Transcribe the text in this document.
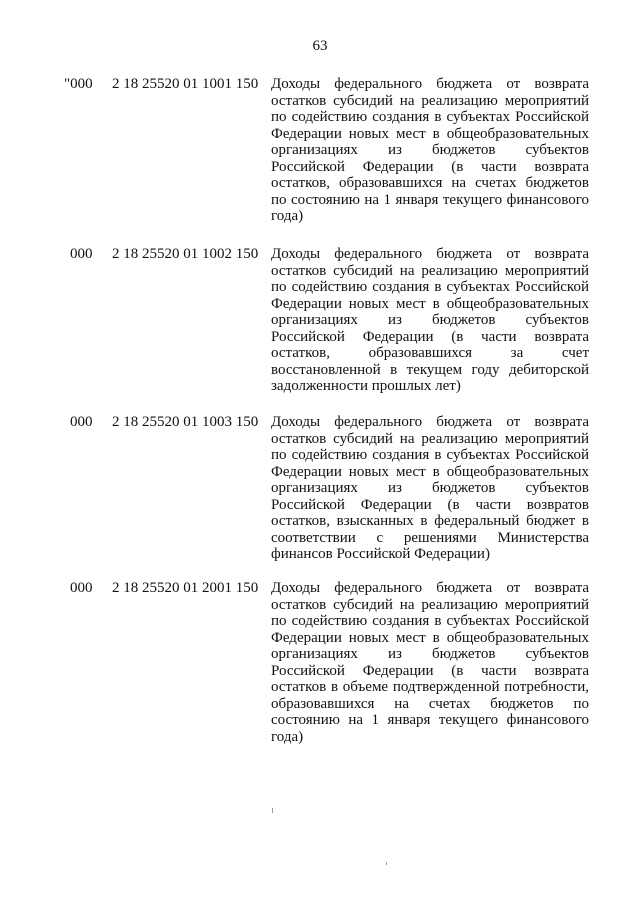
63
"000 2 18 25520 01 1001 150 Доходы федерального бюджета от возврата
остатков субсидий на реализацию мероприятий
по содействию создания в субъектах Российской
Федерации новых мест в общеобразовательных
организациях из бюджетов субъектов
Российской Федерации (в части возврата
остатков, образовавшихся на счетах бюджетов
по состоянию на 1 января текущего финансового
года)
000 2 18 25520 01 1002 150 Доходы федерального бюджета от возврата
остатков субсидий на реализацию мероприятий
по содействию создания в субъектах Российской
Федерации новых мест в общеобразовательных
организациях из бюджетов субъектов
Российской Федерации (в части возврата
остатков, образовавшихся за счет
восстановленной в текущем году дебиторской
задолженности прошлых лет)
000 2 18 25520 01 1003 150 Доходы федерального бюджета от возврата
остатков субсидий на реализацию мероприятий
по содействию создания в субъектах Российской
Федерации новых мест в общеобразовательных
организациях из бюджетов субъектов
Российской Федерации (в части возвратов
остатков, взысканных в федеральный бюджет в
соответствии с решениями Министерства
финансов Российской Федерации)
000 2 18 25520 01 2001 150 Доходы федерального бюджета от возврата
остатков субсидий на реализацию мероприятий
по содействию создания в субъектах Российской
Федерации новых мест в общеобразовательных
организациях из бюджетов субъектов
Российской Федерации (в части возврата
остатков в объеме подтвержденной потребности,
образовавшихся на счетах бюджетов по
состоянию на 1 января текущего финансового
года)
